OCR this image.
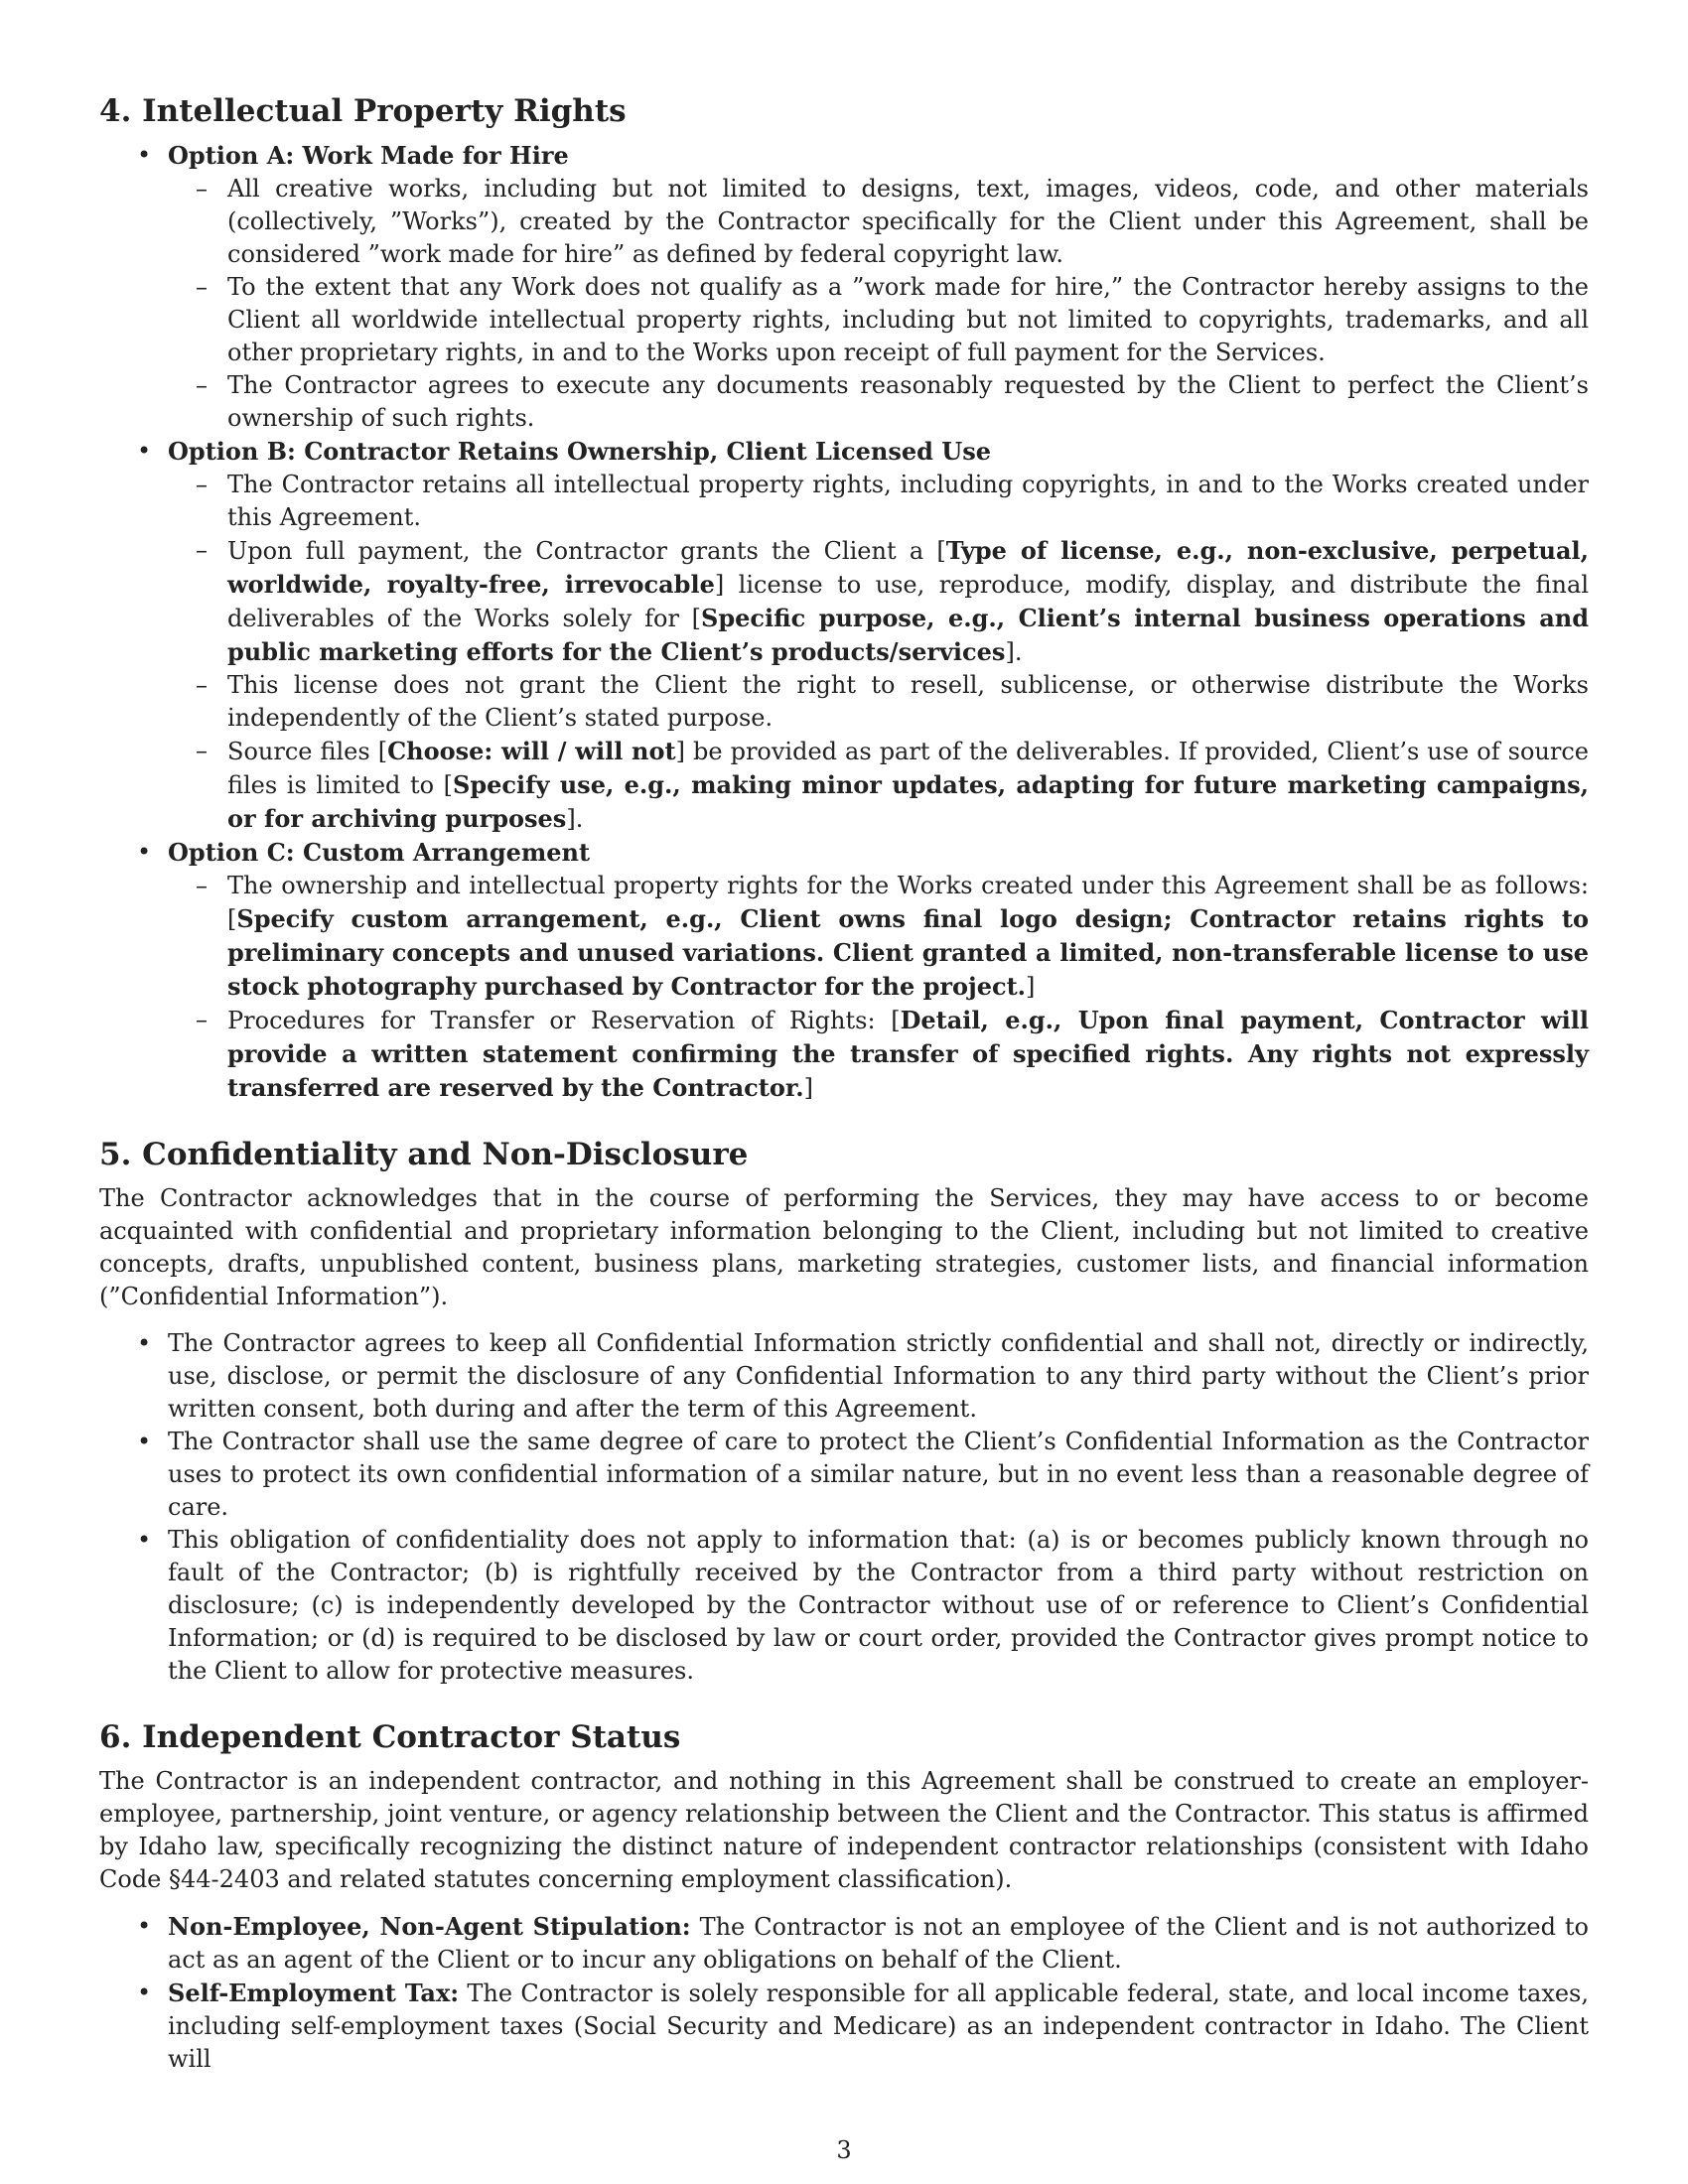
4. Intellectual Property Rights
• Option A: Work Made for Hire
– All creative works, including but not limited to designs, text, images, videos, code, and other materials (collectively, ”Works”), created by the Contractor specifically for the Client under this Agreement, shall be considered ”work made for hire” as defined by federal copyright law.
– To the extent that any Work does not qualify as a ”work made for hire,” the Contractor hereby assigns to the Client all worldwide intellectual property rights, including but not limited to copyrights, trademarks, and all other proprietary rights, in and to the Works upon receipt of full payment for the Services.
– The Contractor agrees to execute any documents reasonably requested by the Client to perfect the Client’s ownership of such rights.
• Option B: Contractor Retains Ownership, Client Licensed Use
– The Contractor retains all intellectual property rights, including copyrights, in and to the Works created under this Agreement.
– Upon full payment, the Contractor grants the Client a [Type of license, e.g., non-exclusive, perpetual, worldwide, royalty-free, irrevocable] license to use, reproduce, modify, display, and distribute the final deliverables of the Works solely for [Specific purpose, e.g., Client’s internal business operations and public marketing efforts for the Client’s products/services].
– This license does not grant the Client the right to resell, sublicense, or otherwise distribute the Works independently of the Client’s stated purpose.
– Source files [Choose: will / will not] be provided as part of the deliverables. If provided, Client’s use of source files is limited to [Specify use, e.g., making minor updates, adapting for future marketing campaigns, or for archiving purposes].
• Option C: Custom Arrangement
– The ownership and intellectual property rights for the Works created under this Agreement shall be as follows: [Specify custom arrangement, e.g., Client owns final logo design; Contractor retains rights to preliminary concepts and unused variations. Client granted a limited, non-transferable license to use stock photography purchased by Contractor for the project.]
– Procedures for Transfer or Reservation of Rights: [Detail, e.g., Upon final payment, Contractor will provide a written statement confirming the transfer of specified rights. Any rights not expressly transferred are reserved by the Contractor.]
5. Confidentiality and Non-Disclosure

The Contractor acknowledges that in the course of performing the Services, they may have access to or become acquainted with confidential and proprietary information belonging to the Client, including but not limited to creative concepts, drafts, unpublished content, business plans, marketing strategies, customer lists, and financial information (”Confidential Information”).

• The Contractor agrees to keep all Confidential Information strictly confidential and shall not, directly or indirectly, use, disclose, or permit the disclosure of any Confidential Information to any third party without the Client’s prior written consent, both during and after the term of this Agreement.
• The Contractor shall use the same degree of care to protect the Client’s Confidential Information as the Contractor uses to protect its own confidential information of a similar nature, but in no event less than a reasonable degree of care.
• This obligation of confidentiality does not apply to information that: (a) is or becomes publicly known through no fault of the Contractor; (b) is rightfully received by the Contractor from a third party without restriction on disclosure; (c) is independently developed by the Contractor without use of or reference to Client’s Confidential Information; or (d) is required to be disclosed by law or court order, provided the Contractor gives prompt notice to the Client to allow for protective measures.
6. Independent Contractor Status

The Contractor is an independent contractor, and nothing in this Agreement shall be construed to create an employer-employee, partnership, joint venture, or agency relationship between the Client and the Contractor. This status is affirmed by Idaho law, specifically recognizing the distinct nature of independent contractor relationships (consistent with Idaho Code §44-2403 and related statutes concerning employment classification).

• Non-Employee, Non-Agent Stipulation: The Contractor is not an employee of the Client and is not authorized to act as an agent of the Client or to incur any obligations on behalf of the Client.
• Self-Employment Tax: The Contractor is solely responsible for all applicable federal, state, and local income taxes, including self-employment taxes (Social Security and Medicare) as an independent contractor in Idaho. The Client will
3
